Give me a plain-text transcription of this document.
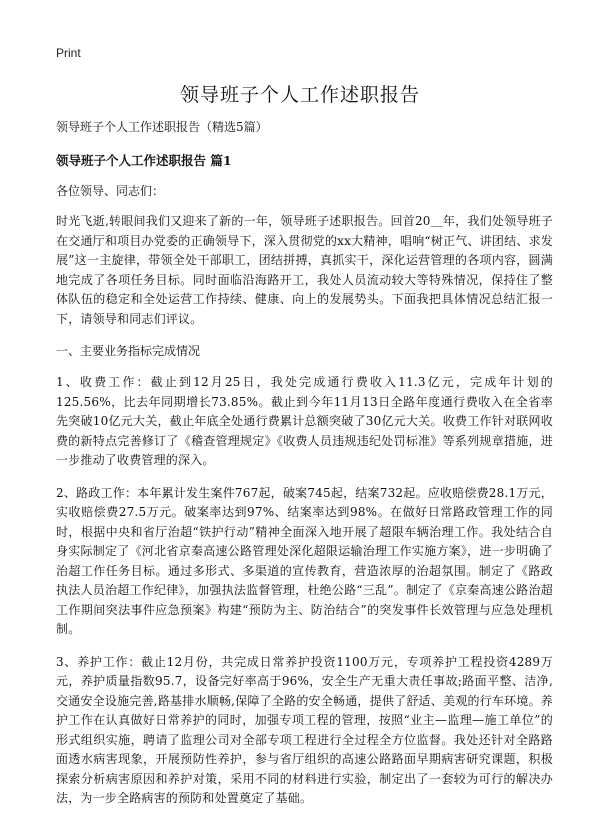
Print
领导班子个人工作述职报告

领导班子个人工作述职报告（精选5篇）

领导班子个人工作述职报告 篇1

各位领导、同志们：

时光飞逝,转眼间我们又迎来了新的一年，领导班子述职报告。回首20＿年，我们处领导班子在交通厅和项目办党委的正确领导下，深入贯彻党的xx大精神，唱响“树正气、讲团结、求发展”这一主旋律，带领全处干部职工，团结拼搏，真抓实干，深化运营管理的各项内容，圆满地完成了各项任务目标。同时面临沿海路开工，我处人员流动较大等特殊情况，保持住了整体队伍的稳定和全处运营工作持续、健康、向上的发展势头。下面我把具体情况总结汇报一下，请领导和同志们评议。

一、主要业务指标完成情况

1、收费工作：截止到12月25日，我处完成通行费收入11.3亿元，完成年计划的125.56%，比去年同期增长73.85%。截止到今年11月13日全路年度通行费收入在全省率先突破10亿元大关，截止年底全处通行费累计总额突破了30亿元大关。收费工作针对联网收费的新特点完善修订了《稽查管理规定》《收费人员违规违纪处罚标准》等系列规章措施，进一步推动了收费管理的深入。

2、路政工作：本年累计发生案件767起，破案745起，结案732起。应收赔偿费28.1万元，实收赔偿费27.5万元。破案率达到97%、结案率达到98%。在做好日常路政管理工作的同时，根据中央和省厅治超“铁护行动”精神全面深入地开展了超限车辆治理工作。我处结合自身实际制定了《河北省京秦高速公路管理处深化超限运输治理工作实施方案》，进一步明确了治超工作任务目标。通过多形式、多渠道的宣传教育，营造浓厚的治超氛围。制定了《路政执法人员治超工作纪律》，加强执法监督管理，杜绝公路“三乱”。制定了《京秦高速公路治超工作期间突法事件应急预案》构建“预防为主、防治结合”的突发事件长效管理与应急处理机制。

3、养护工作：截止12月份，共完成日常养护投资1100万元，专项养护工程投资4289万元，养护质量指数95.7，设备完好率高于96%，安全生产无重大责任事故;路面平整、洁净,交通安全设施完善,路基排水顺畅,保障了全路的安全畅通，提供了舒适、美观的行车环境。养护工作在认真做好日常养护的同时，加强专项工程的管理，按照“业主—监理—施工单位”的形式组织实施，聘请了监理公司对全部专项工程进行全过程全方位监督。我处还针对全路路面透水病害现象，开展预防性养护，参与省厅组织的高速公路路面早期病害研究课题，积极探索分析病害原因和养护对策，采用不同的材料进行实验，制定出了一套较为可行的解决办法，为一步全路病害的预防和处置奠定了基础。
